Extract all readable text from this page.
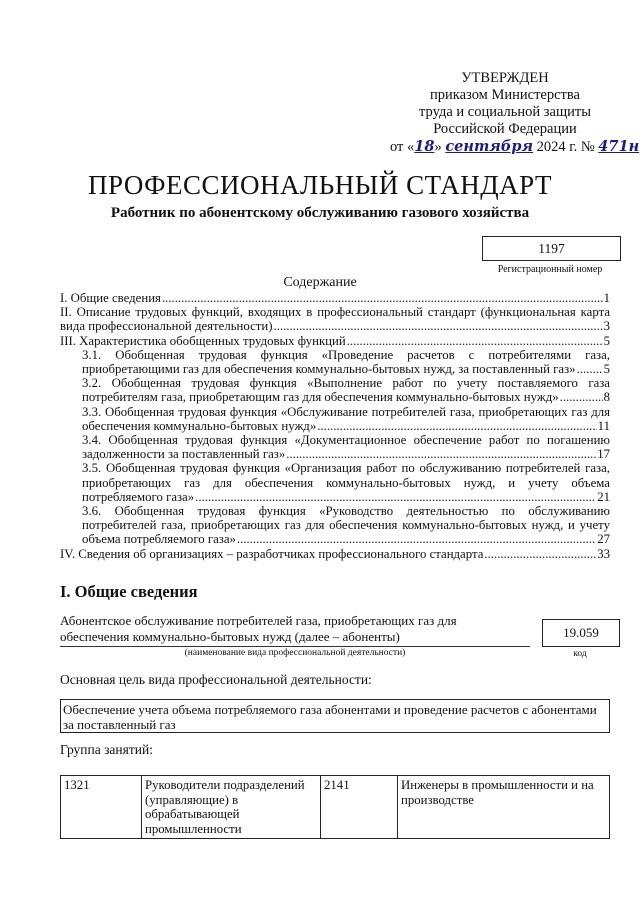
УТВЕРЖДЕН
приказом Министерства
труда и социальной защиты
Российской Федерации
от «18» сентября 2024 г. № 471н
ПРОФЕССИОНАЛЬНЫЙ СТАНДАРТ
Работник по абонентскому обслуживанию газового хозяйства
1197
Регистрационный номер
Содержание
I. Общие сведения .....	1
II. Описание трудовых функций, входящих в профессиональный стандарт (функциональная карта
вида профессиональной деятельности) .....	3
III. Характеристика обобщенных трудовых функций .....	5
3.1. Обобщенная трудовая функция «Проведение расчетов с потребителями газа,
приобретающими газ для обеспечения коммунально-бытовых нужд, за поставленный газ» ..... 5
3.2. Обобщенная трудовая функция «Выполнение работ по учету поставляемого газа
потребителям газа, приобретающим газ для обеспечения коммунально-бытовых нужд» .....	8
3.3. Обобщенная трудовая функция «Обслуживание потребителей газа, приобретающих газ для
обеспечения коммунально-бытовых нужд» .....	11
3.4. Обобщенная трудовая функция «Документационное обеспечение работ по погашению
задолженности за поставленный газ» .....	17
3.5. Обобщенная трудовая функция «Организация работ по обслуживанию потребителей газа,
приобретающих газ для обеспечения коммунально-бытовых нужд, и учету объема
потребляемого газа» .....	21
3.6. Обобщенная трудовая функция «Руководство деятельностью по обслуживанию
потребителей газа, приобретающих газ для обеспечения коммунально-бытовых нужд, и учету
объема потребляемого газа» .....	27
IV. Сведения об организациях – разработчиках профессионального стандарта .....	33
I. Общие сведения
Абонентское обслуживание потребителей газа, приобретающих газ для
обеспечения коммунально-бытовых нужд (далее – абоненты)
(наименование вида профессиональной деятельности)
19.059
код
Основная цель вида профессиональной деятельности:
Обеспечение учета объема потребляемого газа абонентами и проведение расчетов с абонентами за поставленный газ
Группа занятий:
1321	Руководители подразделений (управляющие) в обрабатывающей промышленности	2141	Инженеры в промышленности и на производстве
